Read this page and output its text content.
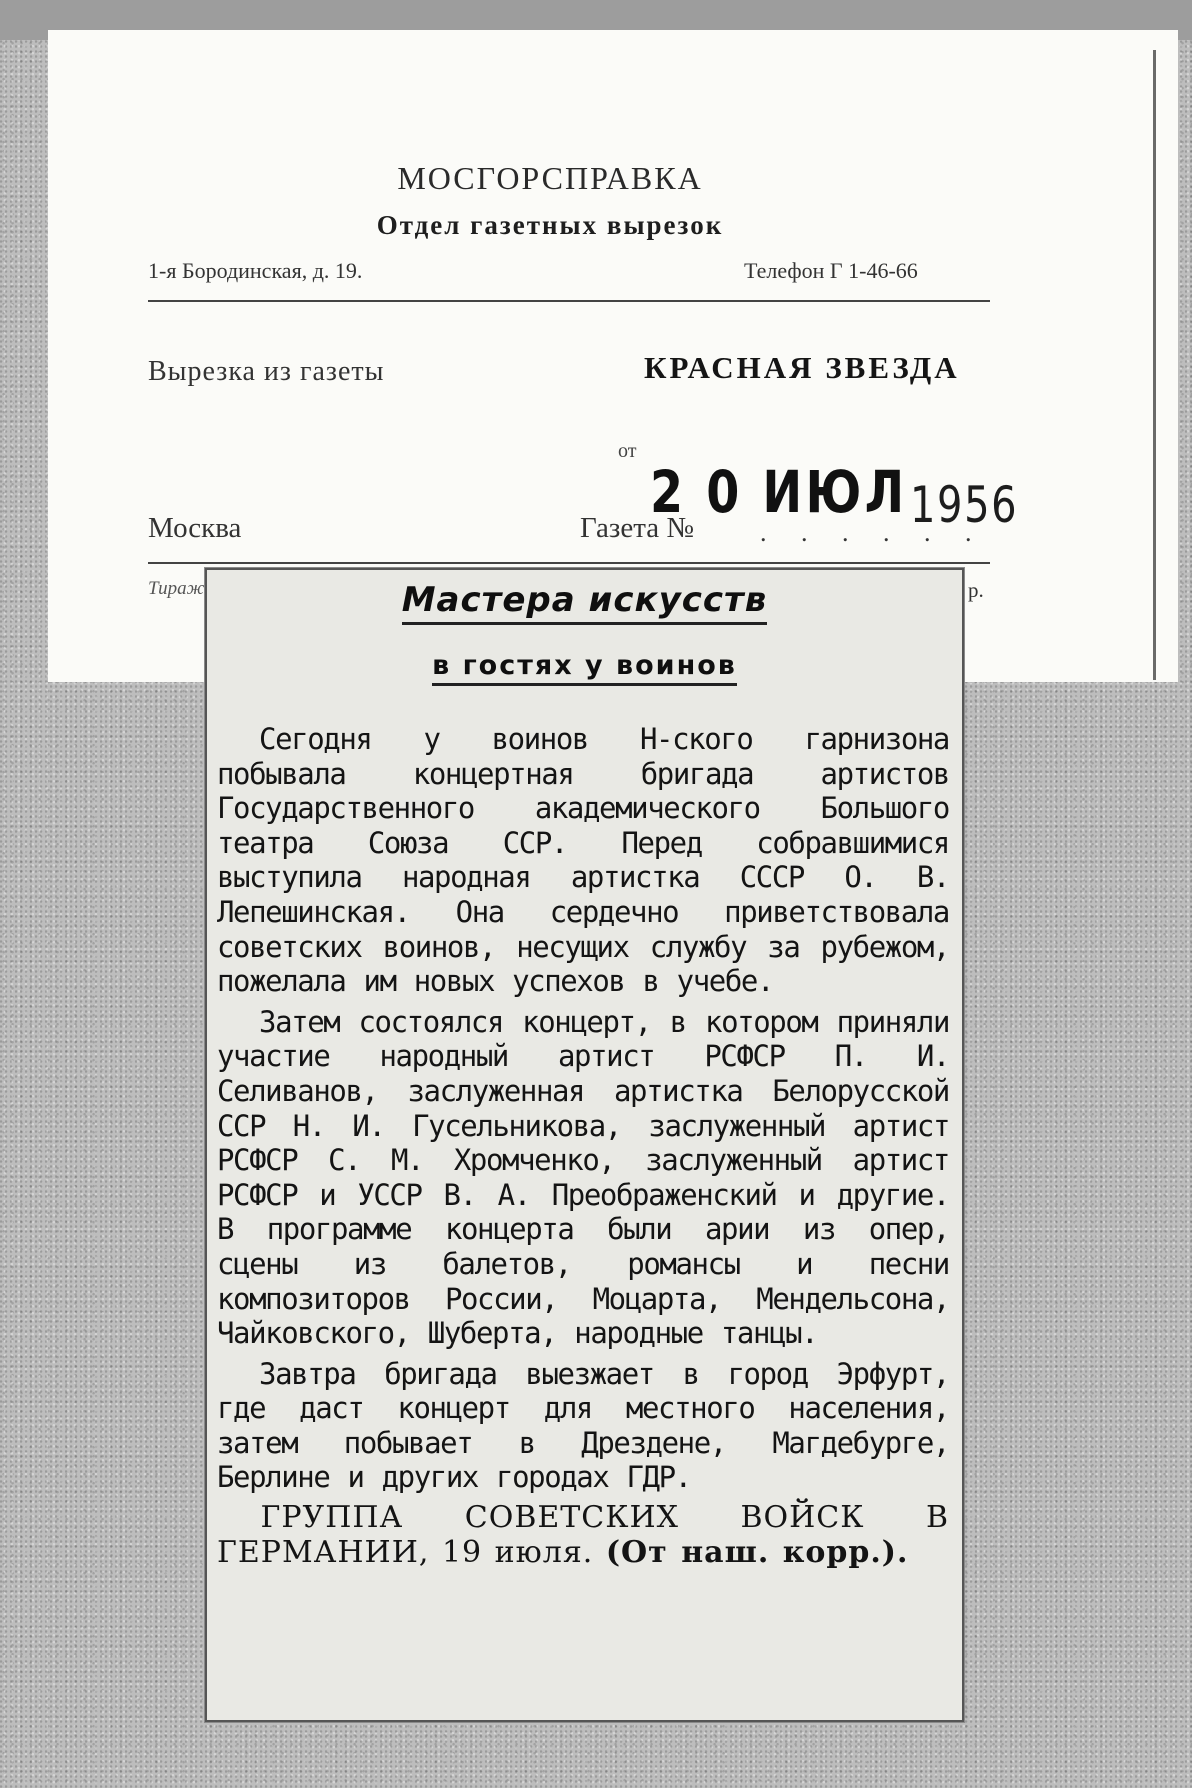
МОСГОРСПРАВКА
Отдел газетных вырезок
1-я Бородинская, д. 19.	Телефон Г 1-46-66
Вырезка из газеты	КРАСНАЯ ЗВЕЗДА
от
2 0 ИЮЛ 1956
Москва	Газета №	. . . . . .
Тираж	р.
Мастера искусств
в гостях у воинов

Сегодня у воинов Н-ского гарнизона побывала концертная бригада артистов Государственного академического Большого театра Союза ССР. Перед собравшимися выступила народная артистка СССР О. В. Лепешинская. Она сердечно приветствовала советских воинов, несущих службу за рубежом, пожелала им новых успехов в учебе.

Затем состоялся концерт, в котором приняли участие народный артист РСФСР П. И. Селиванов, заслуженная артистка Белорусской ССР Н. И. Гусельникова, заслуженный артист РСФСР С. М. Хромченко, заслуженный артист РСФСР и УССР В. А. Преображенский и другие. В программе концерта были арии из опер, сцены из балетов, романсы и песни композиторов России, Моцарта, Мендельсона, Чайковского, Шуберта, народные танцы.

Завтра бригада выезжает в город Эрфурт, где даст концерт для местного населения, затем побывает в Дрездене, Магдебурге, Берлине и других городах ГДР.

ГРУППА СОВЕТСКИХ ВОЙСК В ГЕРМАНИИ, 19 июля. (От наш. корр.).
